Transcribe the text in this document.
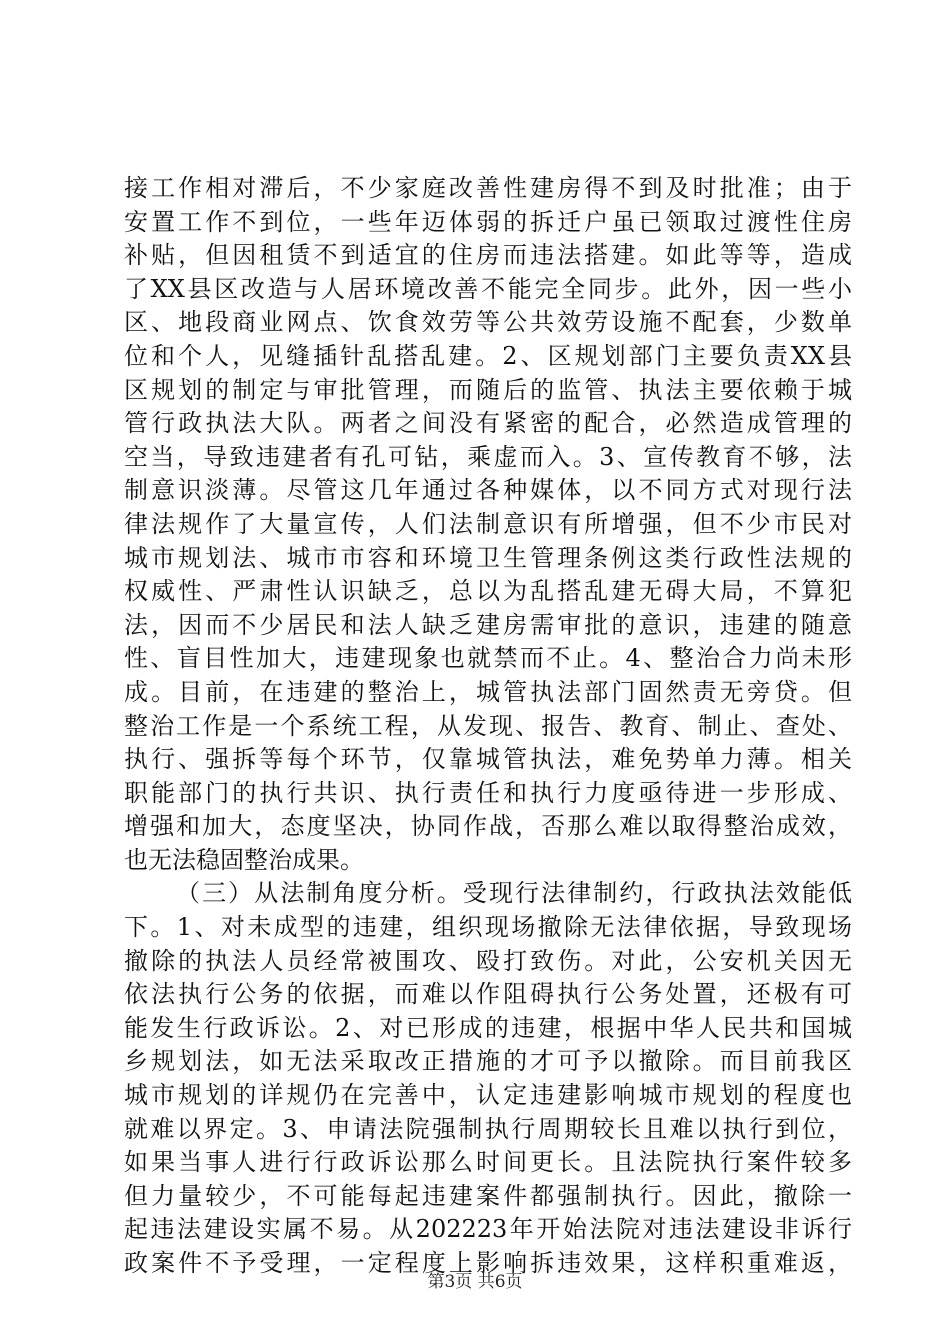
接工作相对滞后，不少家庭改善性建房得不到及时批准；由于
安置工作不到位，一些年迈体弱的拆迁户虽已领取过渡性住房
补贴，但因租赁不到适宜的住房而违法搭建。如此等等，造成
了XX县区改造与人居环境改善不能完全同步。此外，因一些小
区、地段商业网点、饮食效劳等公共效劳设施不配套，少数单
位和个人，见缝插针乱搭乱建。2、区规划部门主要负责XX县
区规划的制定与审批管理，而随后的监管、执法主要依赖于城
管行政执法大队。两者之间没有紧密的配合，必然造成管理的
空当，导致违建者有孔可钻，乘虚而入。3、宣传教育不够，法
制意识淡薄。尽管这几年通过各种媒体，以不同方式对现行法
律法规作了大量宣传，人们法制意识有所增强，但不少市民对
城市规划法、城市市容和环境卫生管理条例这类行政性法规的
权威性、严肃性认识缺乏，总以为乱搭乱建无碍大局，不算犯
法，因而不少居民和法人缺乏建房需审批的意识，违建的随意
性、盲目性加大，违建现象也就禁而不止。4、整治合力尚未形
成。目前，在违建的整治上，城管执法部门固然责无旁贷。但
整治工作是一个系统工程，从发现、报告、教育、制止、查处、
执行、强拆等每个环节，仅靠城管执法，难免势单力薄。相关
职能部门的执行共识、执行责任和执行力度亟待进一步形成、
增强和加大，态度坚决，协同作战，否那么难以取得整治成效，
也无法稳固整治成果。
（三）从法制角度分析。受现行法律制约，行政执法效能低
下。1、对未成型的违建，组织现场撤除无法律依据，导致现场
撤除的执法人员经常被围攻、殴打致伤。对此，公安机关因无
依法执行公务的依据，而难以作阻碍执行公务处置，还极有可
能发生行政诉讼。2、对已形成的违建，根据中华人民共和国城
乡规划法，如无法采取改正措施的才可予以撤除。而目前我区
城市规划的详规仍在完善中，认定违建影响城市规划的程度也
就难以界定。3、申请法院强制执行周期较长且难以执行到位，
如果当事人进行行政诉讼那么时间更长。且法院执行案件较多
但力量较少，不可能每起违建案件都强制执行。因此，撤除一
起违法建设实属不易。从202223年开始法院对违法建设非诉行
政案件不予受理，一定程度上影响拆违效果，这样积重难返，
第3页 共6页
